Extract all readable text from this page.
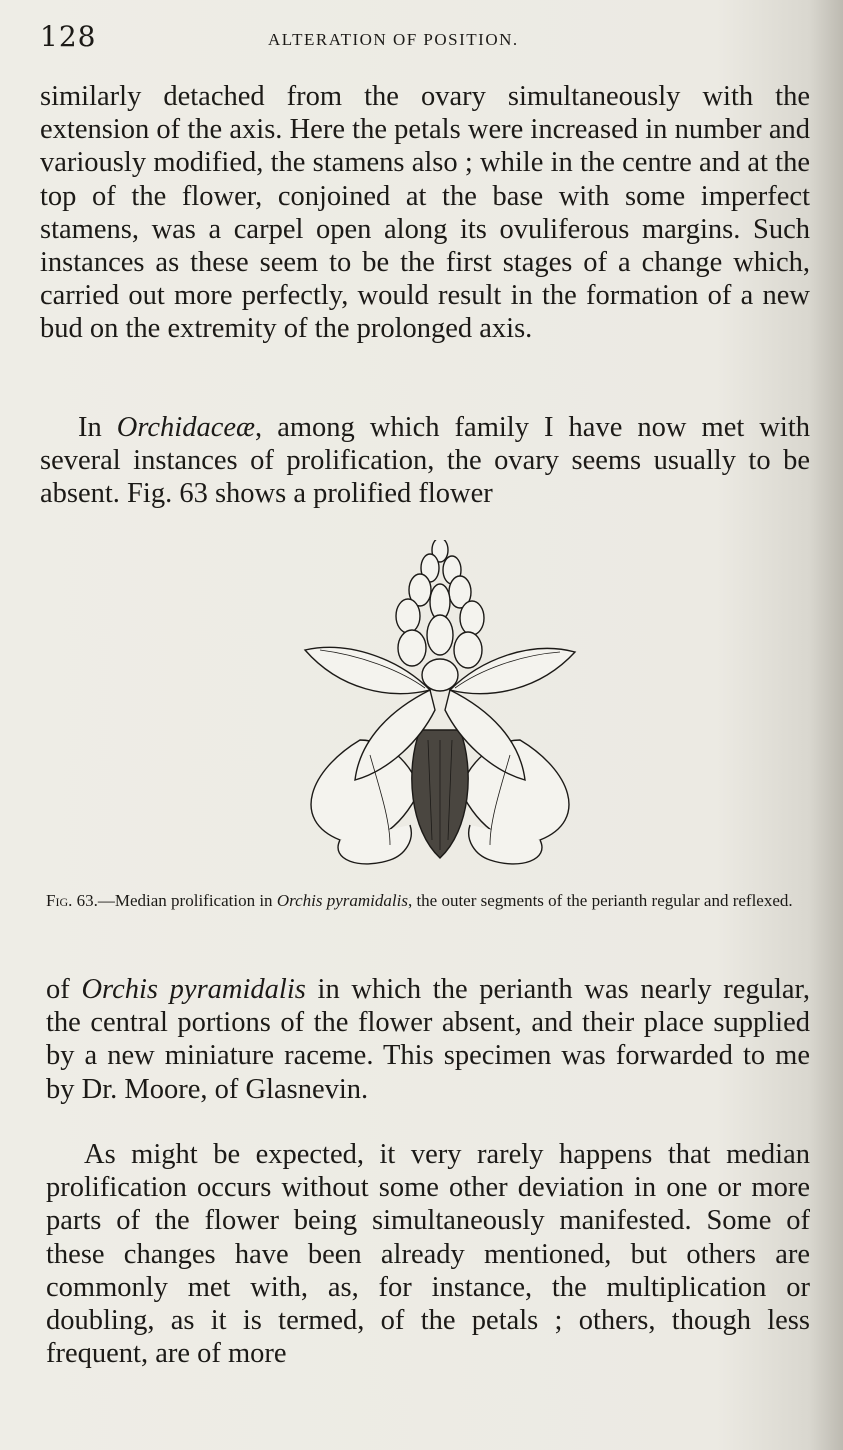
128	ALTERATION OF POSITION.

similarly detached from the ovary simultaneously with the extension of the axis. Here the petals were increased in number and variously modified, the stamens also ; while in the centre and at the top of the flower, conjoined at the base with some imperfect stamens, was a carpel open along its ovuliferous margins. Such instances as these seem to be the first stages of a change which, carried out more perfectly, would result in the formation of a new bud on the extremity of the prolonged axis.

In Orchidaceæ, among which family I have now met with several instances of prolification, the ovary seems usually to be absent. Fig. 63 shows a prolified flower

Fig. 63.—Median prolification in Orchis pyramidalis, the outer segments of the perianth regular and reflexed.

of Orchis pyramidalis in which the perianth was nearly regular, the central portions of the flower absent, and their place supplied by a new miniature raceme. This specimen was forwarded to me by Dr. Moore, of Glasnevin.

As might be expected, it very rarely happens that median prolification occurs without some other deviation in one or more parts of the flower being simultaneously manifested. Some of these changes have been already mentioned, but others are commonly met with, as, for instance, the multiplication or doubling, as it is termed, of the petals ; others, though less frequent, are of more
